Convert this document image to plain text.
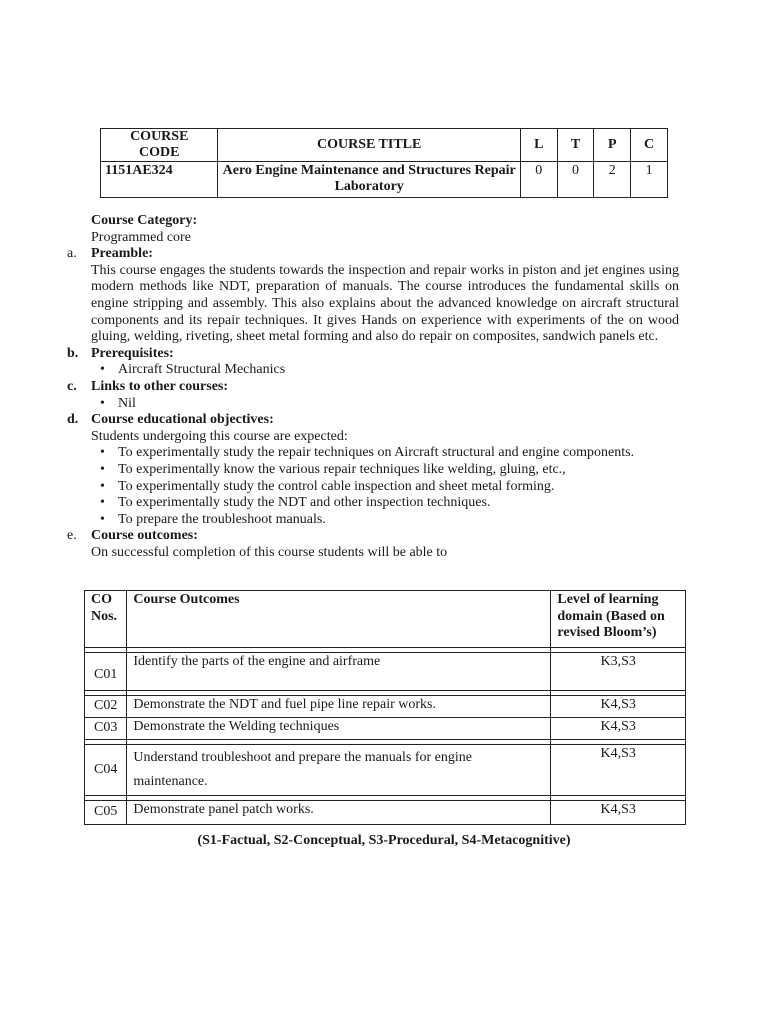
COURSE CODE	COURSE TITLE	L	T	P	C
1151AE324	Aero Engine Maintenance and Structures Repair Laboratory	0	0	2	1
Course Category:
Programmed core
a.	Preamble:
This course engages the students towards the inspection and repair works in piston and jet engines using modern methods like NDT, preparation of manuals. The course introduces the fundamental skills on engine stripping and assembly. This also explains about the advanced knowledge on aircraft structural components and its repair techniques. It gives Hands on experience with experiments of the on wood gluing, welding, riveting, sheet metal forming and also do repair on composites, sandwich panels etc.
b. Prerequisites:
• Aircraft Structural Mechanics
c.	Links to other courses:
• Nil
d. Course educational objectives:
Students undergoing this course are expected:
• To experimentally study the repair techniques on Aircraft structural and engine components.
• To experimentally know the various repair techniques like welding, gluing, etc.,
• To experimentally study the control cable inspection and sheet metal forming.
• To experimentally study the NDT and other inspection techniques.
• To prepare the troubleshoot manuals.
e.	Course outcomes:
On successful completion of this course students will be able to
CO Nos.	Course Outcomes	Level of learning domain (Based on revised Bloom’s)

C01	Identify the parts of the engine and airframe	K3,S3

C02	Demonstrate the NDT and fuel pipe line repair works.	K4,S3
C03	Demonstrate the Welding techniques	K4,S3

C04	Understand troubleshoot and prepare the manuals for engine maintenance.	K4,S3

C05	Demonstrate panel patch works.	K4,S3
(S1-Factual, S2-Conceptual, S3-Procedural, S4-Metacognitive)
